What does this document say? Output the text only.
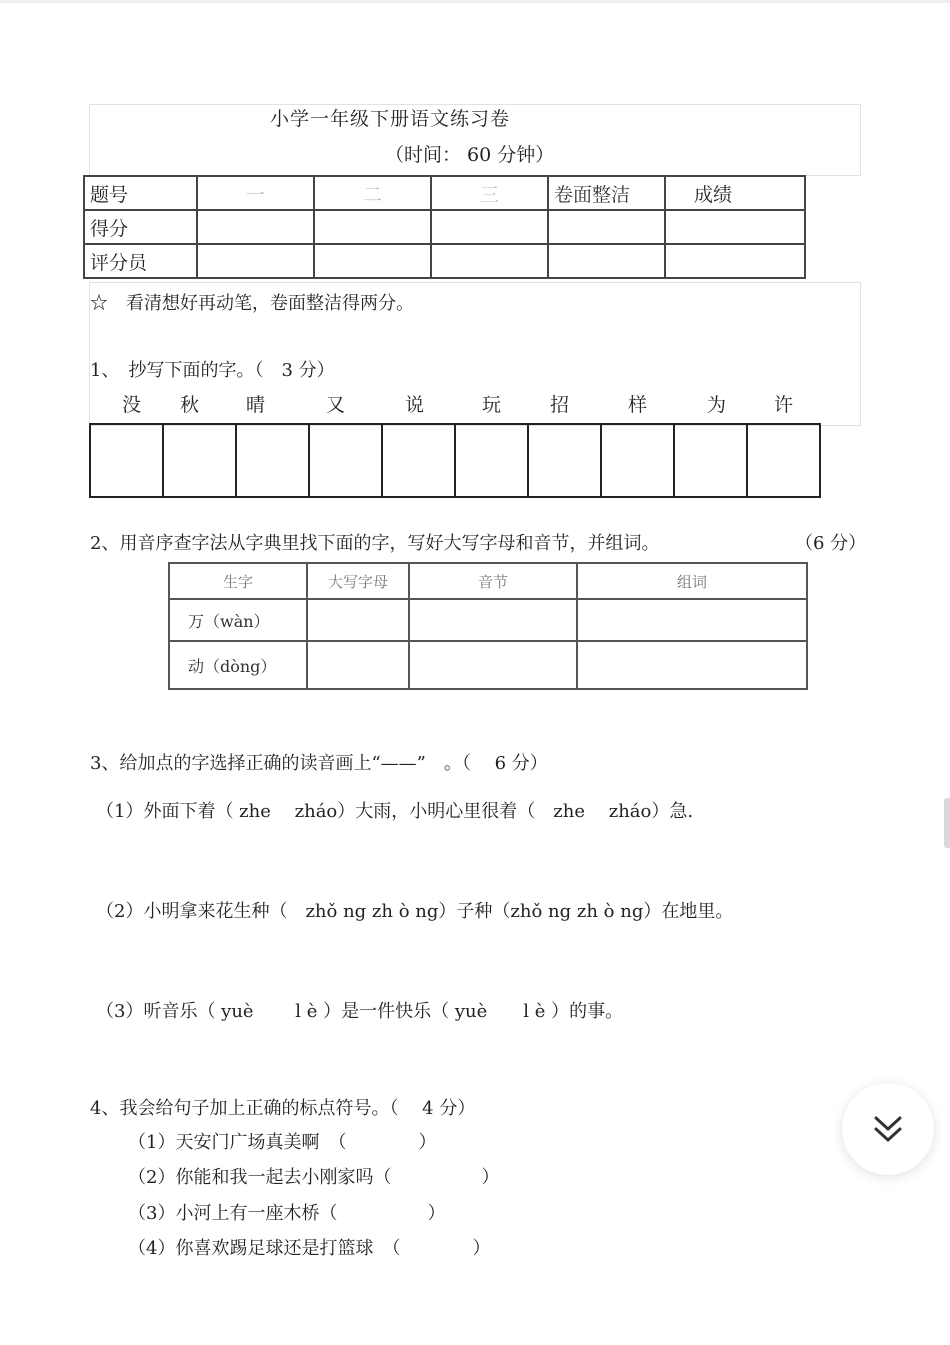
小学一年级下册语文练习卷
（时间： 60 分钟）
题号	一	二	三	卷面整洁	成绩
得分					
评分员					
☆　看清想好再动笔，卷面整洁得两分。
1、　抄写下面的字。（　3 分）
没 秋 晴	又	说	玩	招	样	为	许
2、用音序查字法从字典里找下面的字，写好大写字母和音节，并组词。	（6 分）
生字	大写字母	音节	组词
万（wàn）			
动（dòng）			
3、给加点的字选择正确的读音画上“——”　。（　 6 分）
（1）外面下着（ zhe　 zháo）大雨，小明心里很着（　zhe　 zháo）急.
（2）小明拿来花生种（　zhǒ ng zh ò ng）子种（zhǒ ng zh ò ng）在地里。
（3）听音乐（ yuè　　 l è ）是一件快乐（ yuè　　l è ）的事。
4、我会给句子加上正确的标点符号。（　 4 分）
（1）天安门广场真美啊　（　　　　）
（2）你能和我一起去小刚家吗（　　　　　）
（3）小河上有一座木桥（　　　　　）
（4）你喜欢踢足球还是打篮球　（　　　　）
